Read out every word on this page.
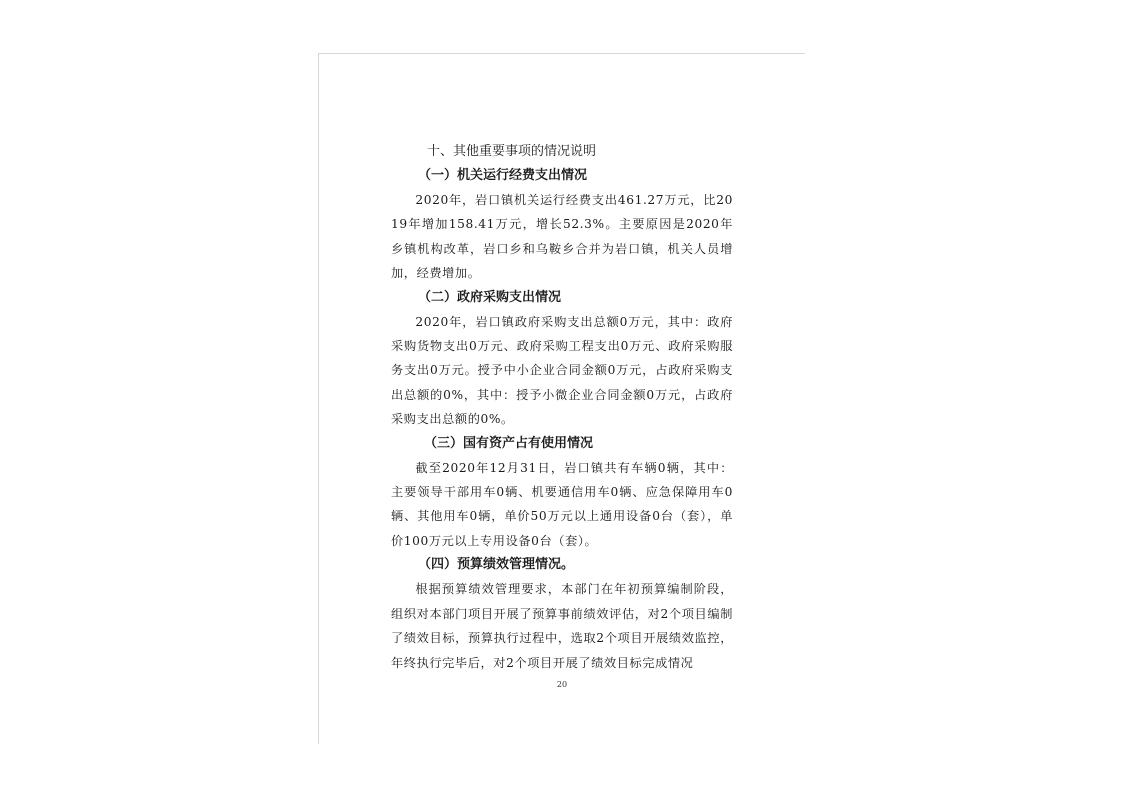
十、其他重要事项的情况说明

（一）机关运行经费支出情况

2020年，岩口镇机关运行经费支出461.27万元，比2019年增加158.41万元，增长52.3%。主要原因是2020年乡镇机构改革，岩口乡和乌鞍乡合并为岩口镇，机关人员增加，经费增加。

（二）政府采购支出情况

2020年，岩口镇政府采购支出总额0万元，其中：政府采购货物支出0万元、政府采购工程支出0万元、政府采购服务支出0万元。授予中小企业合同金额0万元，占政府采购支出总额的0%，其中：授予小微企业合同金额0万元，占政府采购支出总额的0%。

（三）国有资产占有使用情况

截至2020年12月31日，岩口镇共有车辆0辆，其中：主要领导干部用车0辆、机要通信用车0辆、应急保障用车0辆、其他用车0辆，单价50万元以上通用设备0台（套），单价100万元以上专用设备0台（套）。

（四）预算绩效管理情况。

根据预算绩效管理要求，本部门在年初预算编制阶段，组织对本部门项目开展了预算事前绩效评估，对2个项目编制了绩效目标，预算执行过程中，选取2个项目开展绩效监控，年终执行完毕后，对2个项目开展了绩效目标完成情况

20
